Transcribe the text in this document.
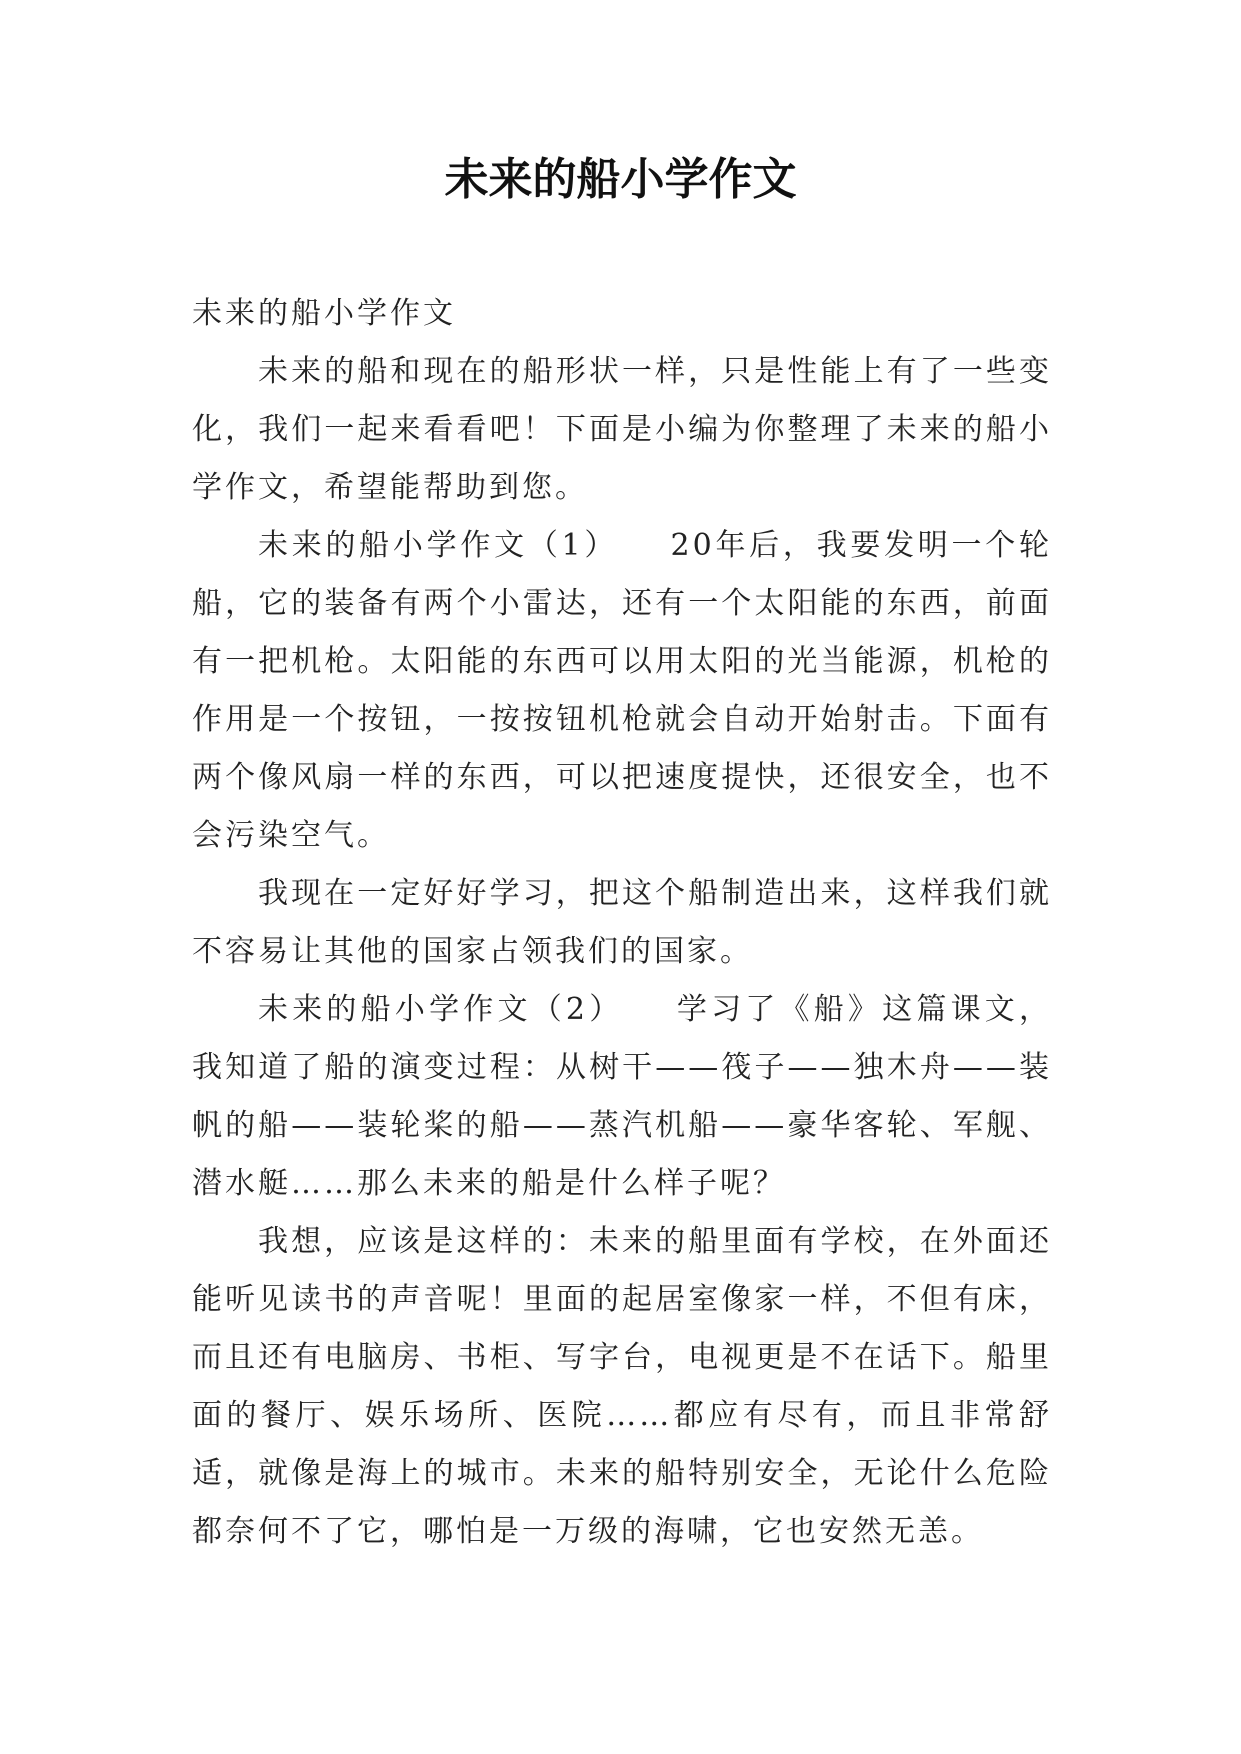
未来的船小学作文

未来的船小学作文

未来的船和现在的船形状一样，只是性能上有了一些变化，我们一起来看看吧！下面是小编为你整理了未来的船小学作文，希望能帮助到您。

未来的船小学作文（1）　　20年后，我要发明一个轮船，它的装备有两个小雷达，还有一个太阳能的东西，前面有一把机枪。太阳能的东西可以用太阳的光当能源，机枪的作用是一个按钮，一按按钮机枪就会自动开始射击。下面有两个像风扇一样的东西，可以把速度提快，还很安全，也不会污染空气。

我现在一定好好学习，把这个船制造出来，这样我们就不容易让其他的国家占领我们的国家。

未来的船小学作文（2）　　学习了《船》这篇课文，我知道了船的演变过程：从树干——筏子——独木舟——装帆的船——装轮桨的船——蒸汽机船——豪华客轮、军舰、潜水艇……那么未来的船是什么样子呢？

我想，应该是这样的：未来的船里面有学校，在外面还能听见读书的声音呢！里面的起居室像家一样，不但有床，而且还有电脑房、书柜、写字台，电视更是不在话下。船里面的餐厅、娱乐场所、医院……都应有尽有，而且非常舒适，就像是海上的城市。未来的船特别安全，无论什么危险都奈何不了它，哪怕是一万级的海啸，它也安然无恙。
